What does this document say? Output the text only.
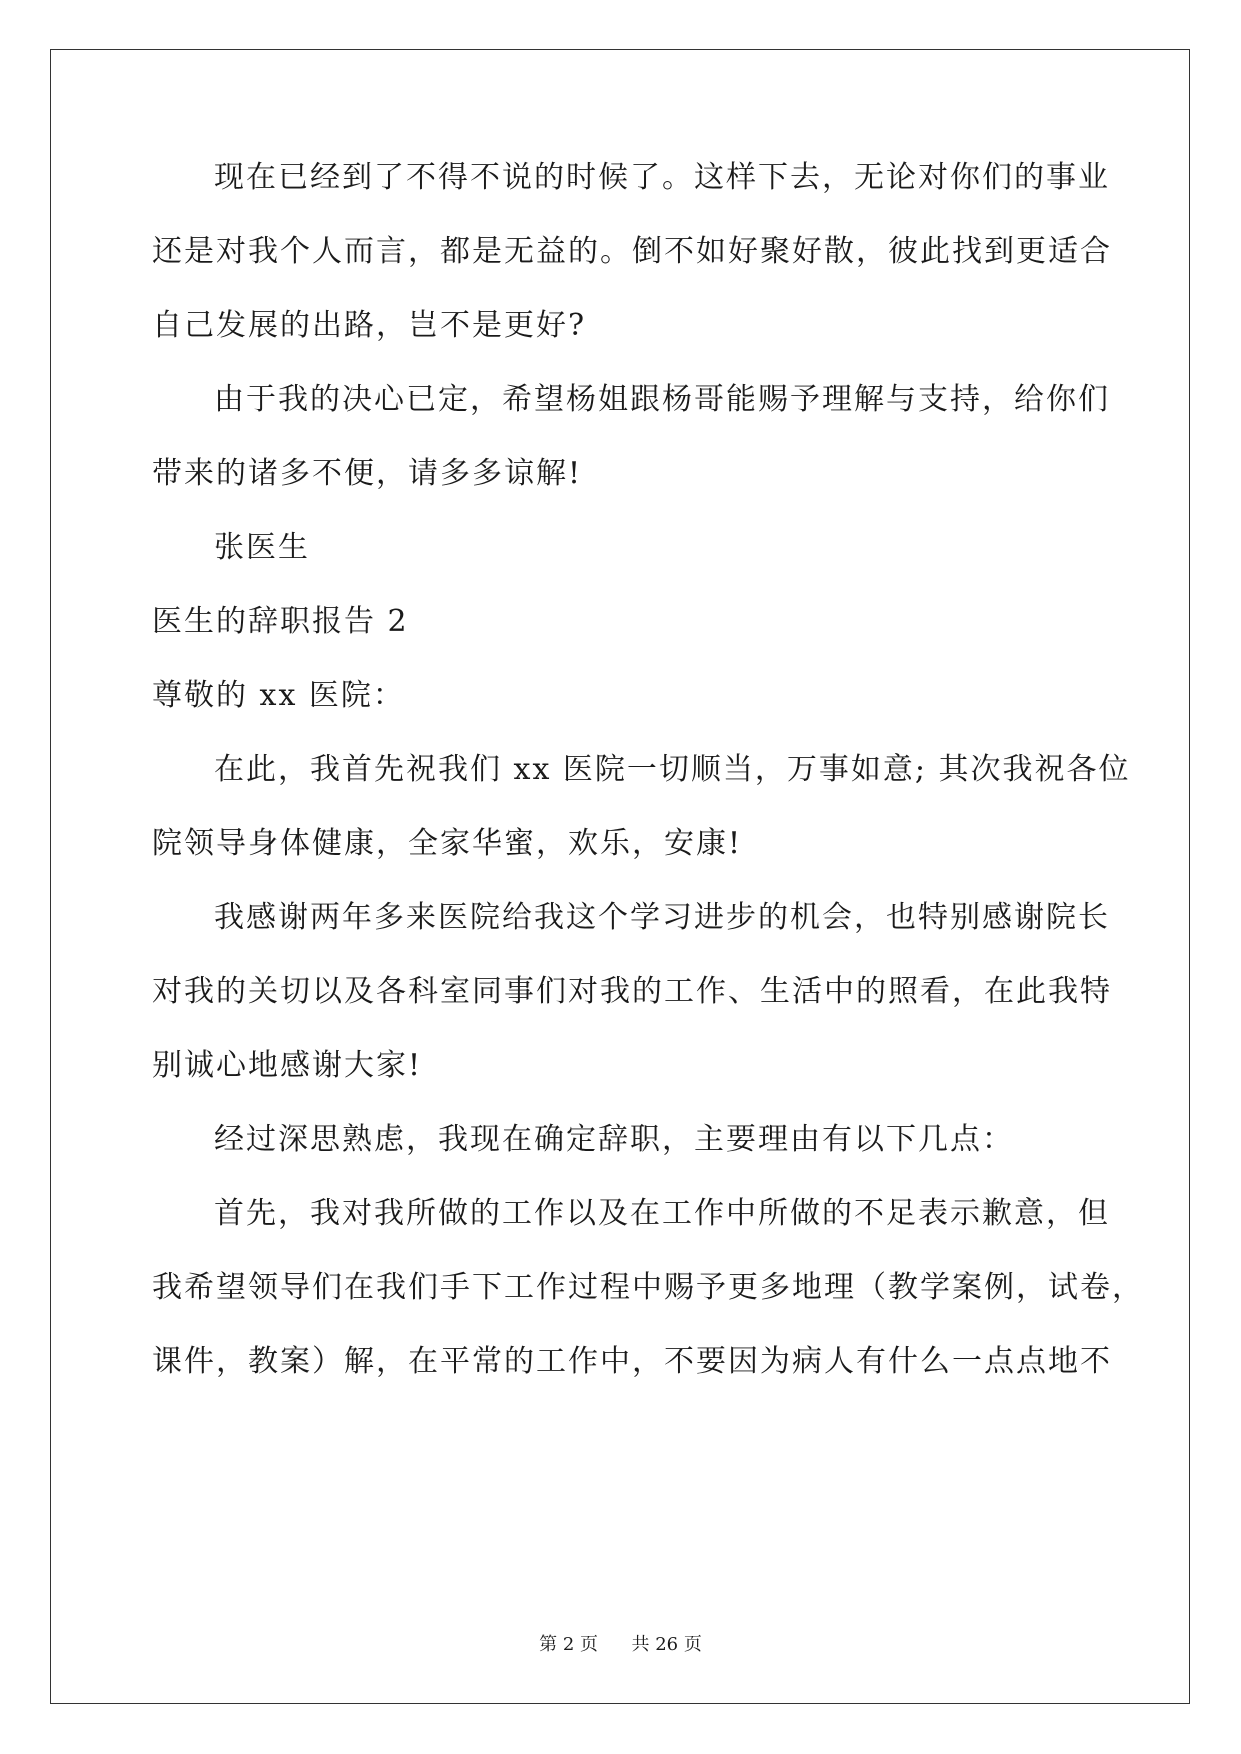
现在已经到了不得不说的时候了。这样下去，无论对你们的事业
还是对我个人而言，都是无益的。倒不如好聚好散，彼此找到更适合
自己发展的出路，岂不是更好?
由于我的决心已定，希望杨姐跟杨哥能赐予理解与支持，给你们
带来的诸多不便，请多多谅解!
张医生
医生的辞职报告 2
尊敬的 xx 医院：
在此，我首先祝我们 xx 医院一切顺当，万事如意; 其次我祝各位
院领导身体健康，全家华蜜，欢乐，安康!
我感谢两年多来医院给我这个学习进步的机会，也特别感谢院长
对我的关切以及各科室同事们对我的工作、生活中的照看，在此我特
别诚心地感谢大家!
经过深思熟虑，我现在确定辞职，主要理由有以下几点：
首先，我对我所做的工作以及在工作中所做的不足表示歉意，但
我希望领导们在我们手下工作过程中赐予更多地理（教学案例，试卷，
课件，教案）解，在平常的工作中，不要因为病人有什么一点点地不
第 2 页 共 26 页
